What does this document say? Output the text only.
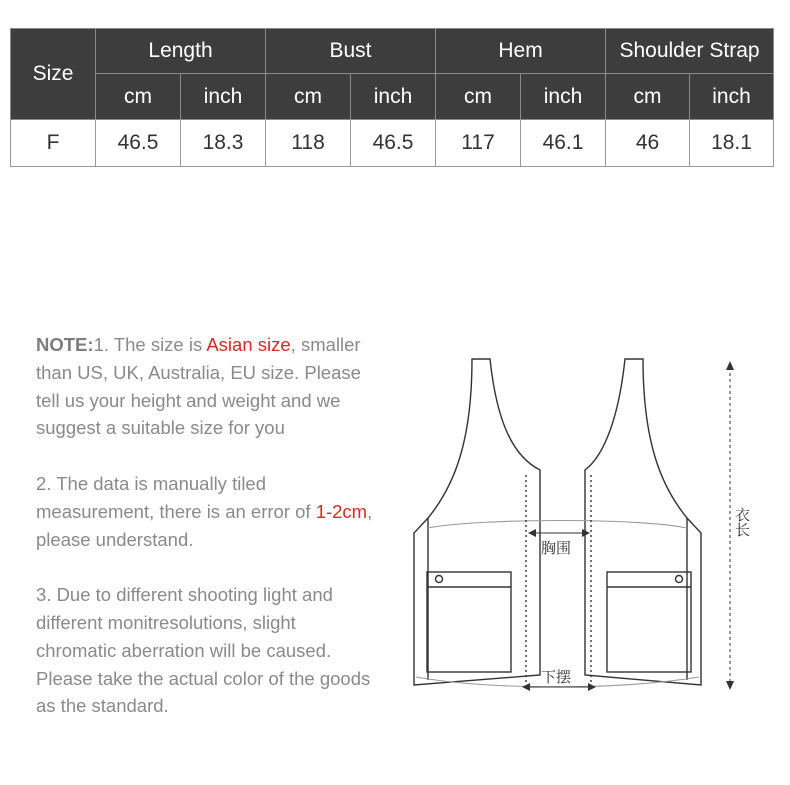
Size	Length		Bust		Hem		Shoulder Strap	
	cm	inch	cm	inch	cm	inch	cm	inch
F	46.5	18.3	118	46.5	117	46.1	46	18.1

NOTE:1. The size is Asian size, smaller than US, UK, Australia, EU size. Please tell us your height and weight and we suggest a suitable size for you

2. The data is manually tiled measurement, there is an error of 1-2cm, please understand.

3. Due to different shooting light and different monitresolutions, slight chromatic aberration will be caused. Please take the actual color of the goods as the standard.

胸围
下摆
衣长
